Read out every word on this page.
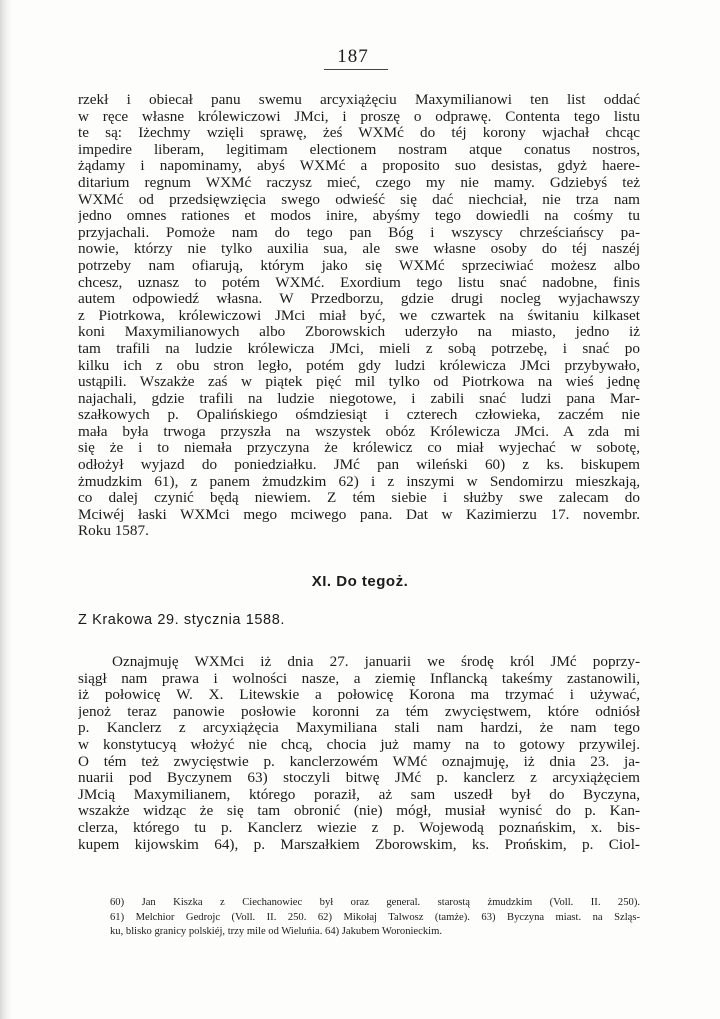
187
rzekł i obiecał panu swemu arcyxiążęciu Maxymilianowi ten list oddać
w ręce własne królewiczowi JMci, i proszę o odprawę. Contenta tego listu
te są: Iżechmy wzięli sprawę, żeś WXMć do téj korony wjachał chcąc
impedire liberam, legitimam electionem nostram atque conatus nostros,
żądamy i napominamy, abyś WXMć a proposito suo desistas, gdyż haere-
ditarium regnum WXMć raczysz mieć, czego my nie mamy. Gdziebyś też
WXMć od przedsięwzięcia swego odwieść się dać niechciał, nie trza nam
jedno omnes rationes et modos inire, abyśmy tego dowiedli na cośmy tu
przyjachali. Pomoże nam do tego pan Bóg i wszyscy chrześciańscy pa-
nowie, którzy nie tylko auxilia sua, ale swe własne osoby do téj naszéj
potrzeby nam ofiarują, którym jako się WXMć sprzeciwiać możesz albo
chcesz, uznasz to potém WXMć. Exordium tego listu snać nadobne, finis
autem odpowiedź własna. W Przedborzu, gdzie drugi nocleg wyjachawszy
z Piotrkowa, królewiczowi JMci miał być, we czwartek na świtaniu kilkaset
koni Maxymilianowych albo Zborowskich uderzyło na miasto, jedno iż
tam trafili na ludzie królewicza JMci, mieli z sobą potrzebę, i snać po
kilku ich z obu stron legło, potém gdy ludzi królewicza JMci przybywało,
ustąpili. Wszakże zaś w piątek pięć mil tylko od Piotrkowa na wieś jednę
najachali, gdzie trafili na ludzie niegotowe, i zabili snać ludzi pana Mar-
szałkowych p. Opalińskiego ośmdziesiąt i czterech człowieka, zaczém nie
mała była trwoga przyszła na wszystek obóz Królewicza JMci. A zda mi
się że i to niemała przyczyna że królewicz co miał wyjechać w sobotę,
odłożył wyjazd do poniedziałku. JMć pan wileński 60) z ks. biskupem
żmudzkim 61), z panem żmudzkim 62) i z inszymi w Sendomirzu mieszkają,
co dalej czynić będą niewiem. Z tém siebie i służby swe zalecam do
Mciwéj łaski WXMci mego mciwego pana. Dat w Kazimierzu 17. novembr.
Roku 1587.
XI. Do tegoż.
Z Krakowa 29. stycznia 1588.
Oznajmuję WXMci iż dnia 27. januarii we środę król JMć poprzy-
siągł nam prawa i wolności nasze, a ziemię Inflancką takeśmy zastanowili,
iż połowicę W. X. Litewskie a połowicę Korona ma trzymać i używać,
jenoż teraz panowie posłowie koronni za tém zwycięstwem, które odniósł
p. Kanclerz z arcyxiążęcia Maxymiliana stali nam hardzi, że nam tego
w konstytucyą włożyć nie chcą, chocia już mamy na to gotowy przywilej.
O tém też zwycięstwie p. kanclerzowém WMć oznajmuję, iż dnia 23. ja-
nuarii pod Byczynem 63) stoczyli bitwę JMć p. kanclerz z arcyxiążęciem
JMcią Maxymilianem, którego poraził, aż sam uszedł był do Byczyna,
wszakże widząc że się tam obronić (nie) mógł, musiał wynisć do p. Kan-
clerza, którego tu p. Kanclerz wiezie z p. Wojewodą poznańskim, x. bis-
kupem kijowskim 64), p. Marszałkiem Zborowskim, ks. Prońskim, p. Ciol-
60) Jan Kiszka z Ciechanowiec był oraz general. starostą żmudzkim (Voll. II. 250).
61) Melchior Gedrojc (Voll. II. 250. 62) Mikołaj Talwosz (tamże). 63) Byczyna miast. na Szląs-
ku, blisko granicy polskiéj, trzy mile od Wieluńia. 64) Jakubem Woronieckim.
